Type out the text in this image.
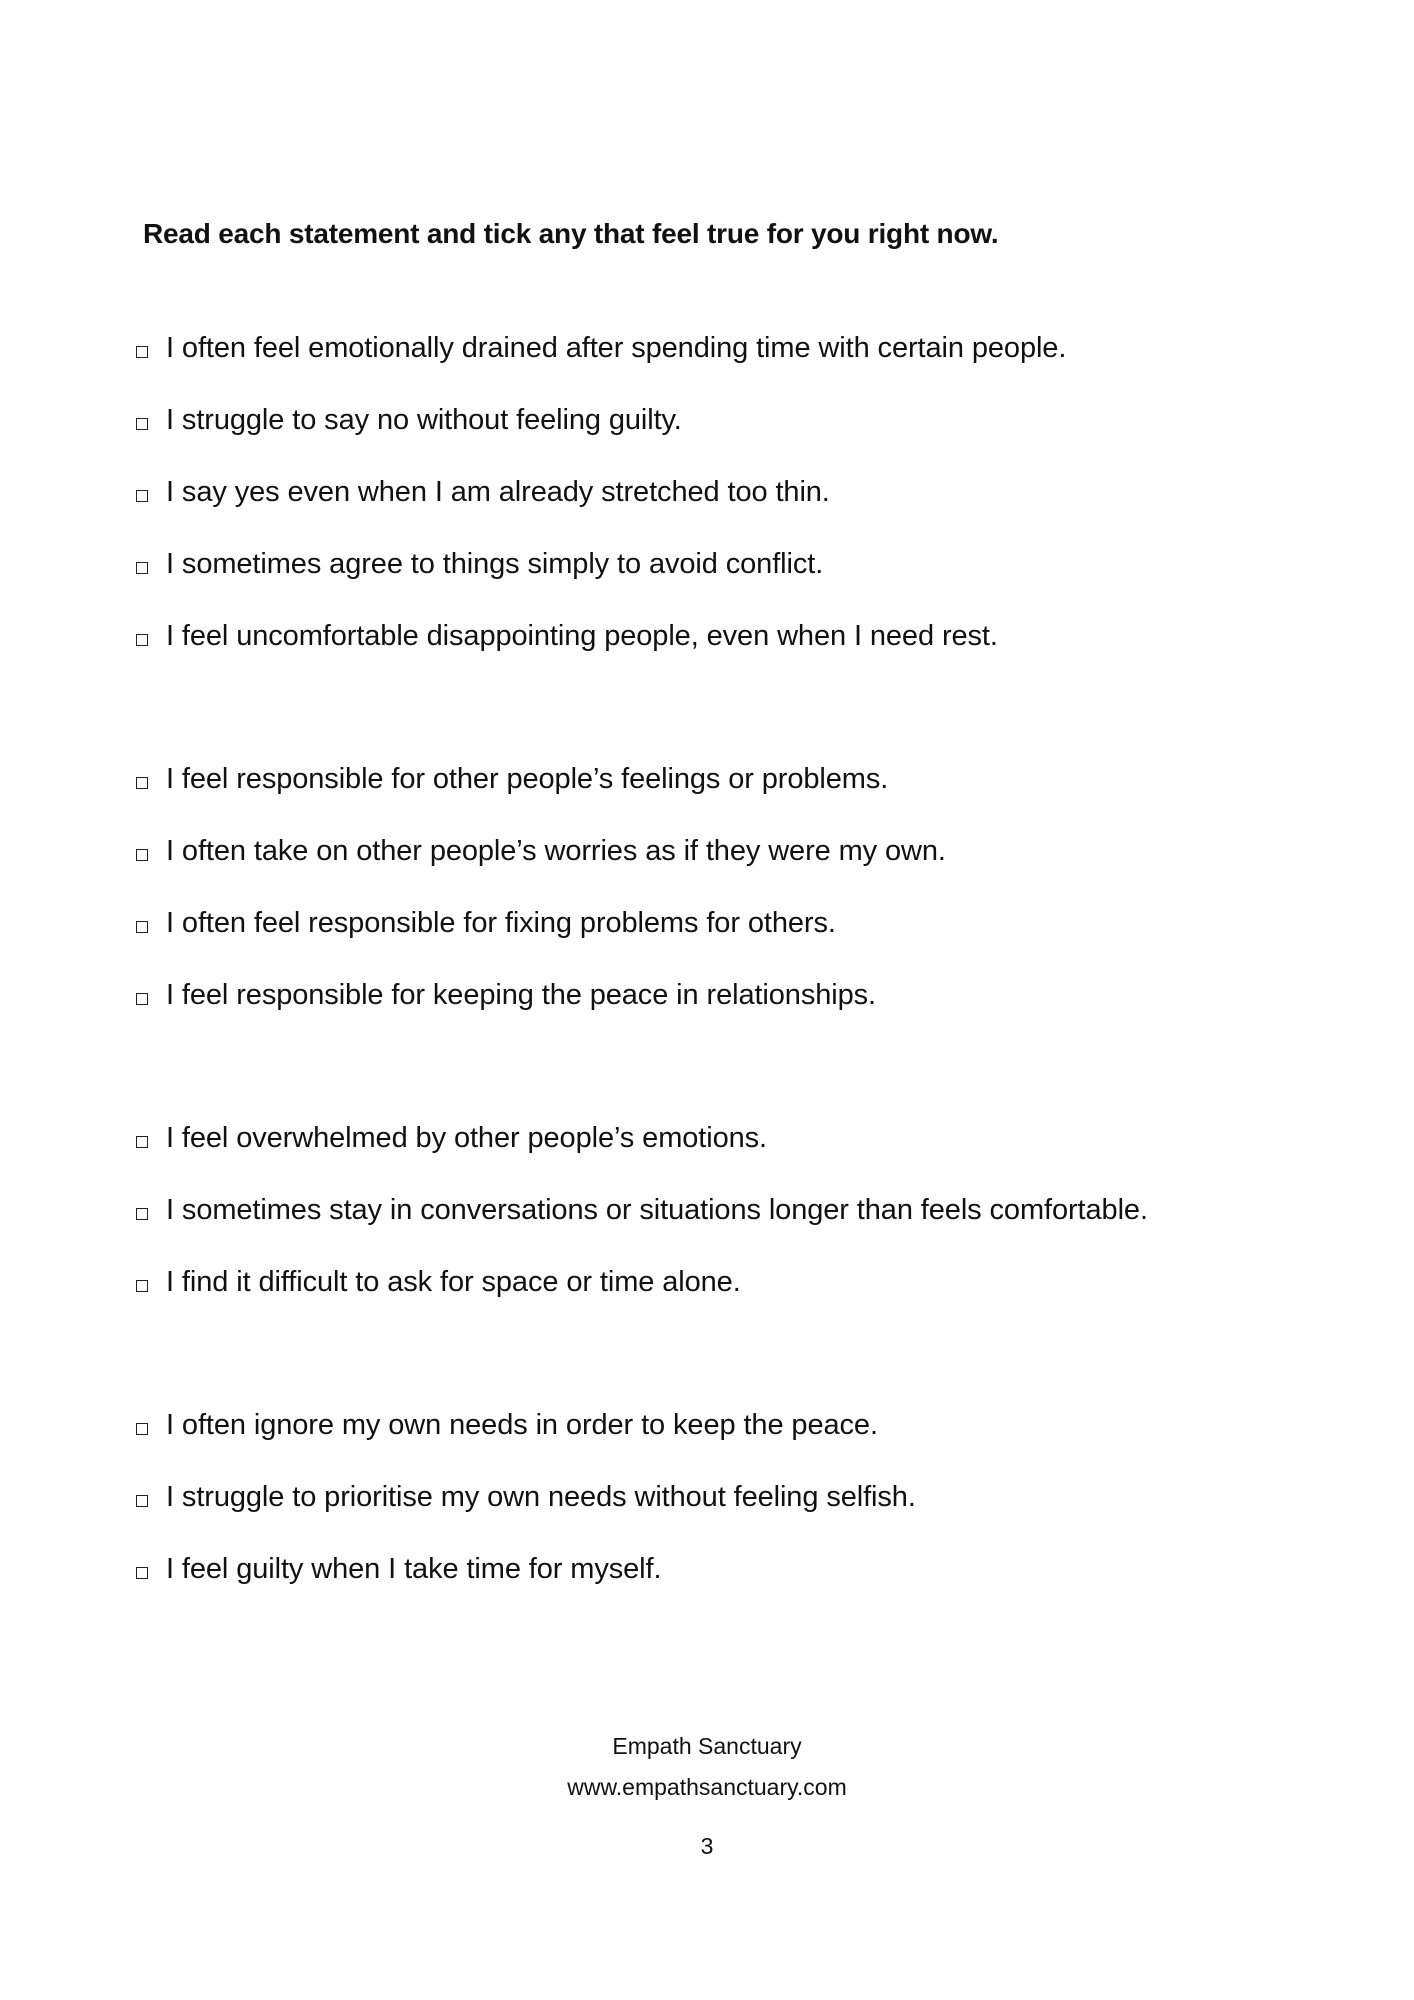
Read each statement and tick any that feel true for you right now.
I often feel emotionally drained after spending time with certain people.
I struggle to say no without feeling guilty.
I say yes even when I am already stretched too thin.
I sometimes agree to things simply to avoid conflict.
I feel uncomfortable disappointing people, even when I need rest.
I feel responsible for other people’s feelings or problems.
I often take on other people’s worries as if they were my own.
I often feel responsible for fixing problems for others.
I feel responsible for keeping the peace in relationships.
I feel overwhelmed by other people’s emotions.
I sometimes stay in conversations or situations longer than feels comfortable.
I find it difficult to ask for space or time alone.
I often ignore my own needs in order to keep the peace.
I struggle to prioritise my own needs without feeling selfish.
I feel guilty when I take time for myself.
Empath Sanctuary
www.empathsanctuary.com
3
